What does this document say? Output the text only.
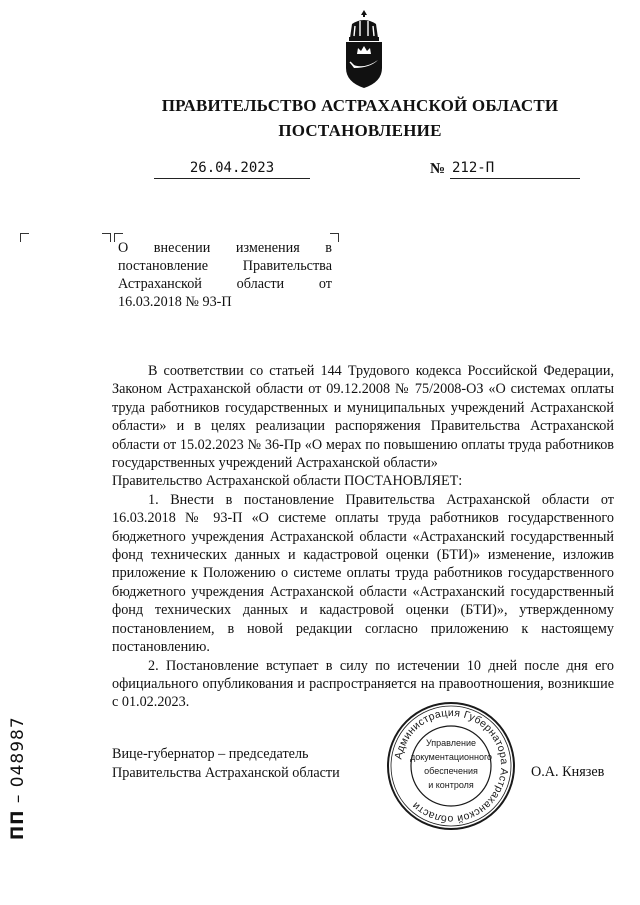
ПРАВИТЕЛЬСТВО АСТРАХАНСКОЙ ОБЛАСТИ
ПОСТАНОВЛЕНИЕ
26.04.2023	№ 212-П
О внесении изменения в постановление Правительства Астраханской области от 16.03.2018 № 93-П

В соответствии со статьей 144 Трудового кодекса Российской Федерации, Законом Астраханской области от 09.12.2008 № 75/2008-ОЗ «О системах оплаты труда работников государственных и муниципальных учреждений Астраханской области» и в целях реализации распоряжения Правительства Астраханской области от 15.02.2023 № 36-Пр «О мерах по повышению оплаты труда работников государственных учреждений Астраханской области»

Правительство Астраханской области ПОСТАНОВЛЯЕТ:

1. Внести в постановление Правительства Астраханской области от 16.03.2018 № 93-П «О системе оплаты труда работников государственного бюджетного учреждения Астраханской области «Астраханский государственный фонд технических данных и кадастровой оценки (БТИ)» изменение, изложив приложение к Положению о системе оплаты труда работников государственного бюджетного учреждения Астраханской области «Астраханский государственный фонд технических данных и кадастровой оценки (БТИ)», утвержденному постановлением, в новой редакции согласно приложению к настоящему постановлению.

2. Постановление вступает в силу по истечении 10 дней после дня его официального опубликования и распространяется на правоотношения, возникшие с 01.02.2023.

Вице-губернатор – председатель
Правительства Астраханской области	О.А. Князев
Администрация Губернатора Астраханской области
Управление
документационного
обеспечения
и контроля
ПП – 048987
